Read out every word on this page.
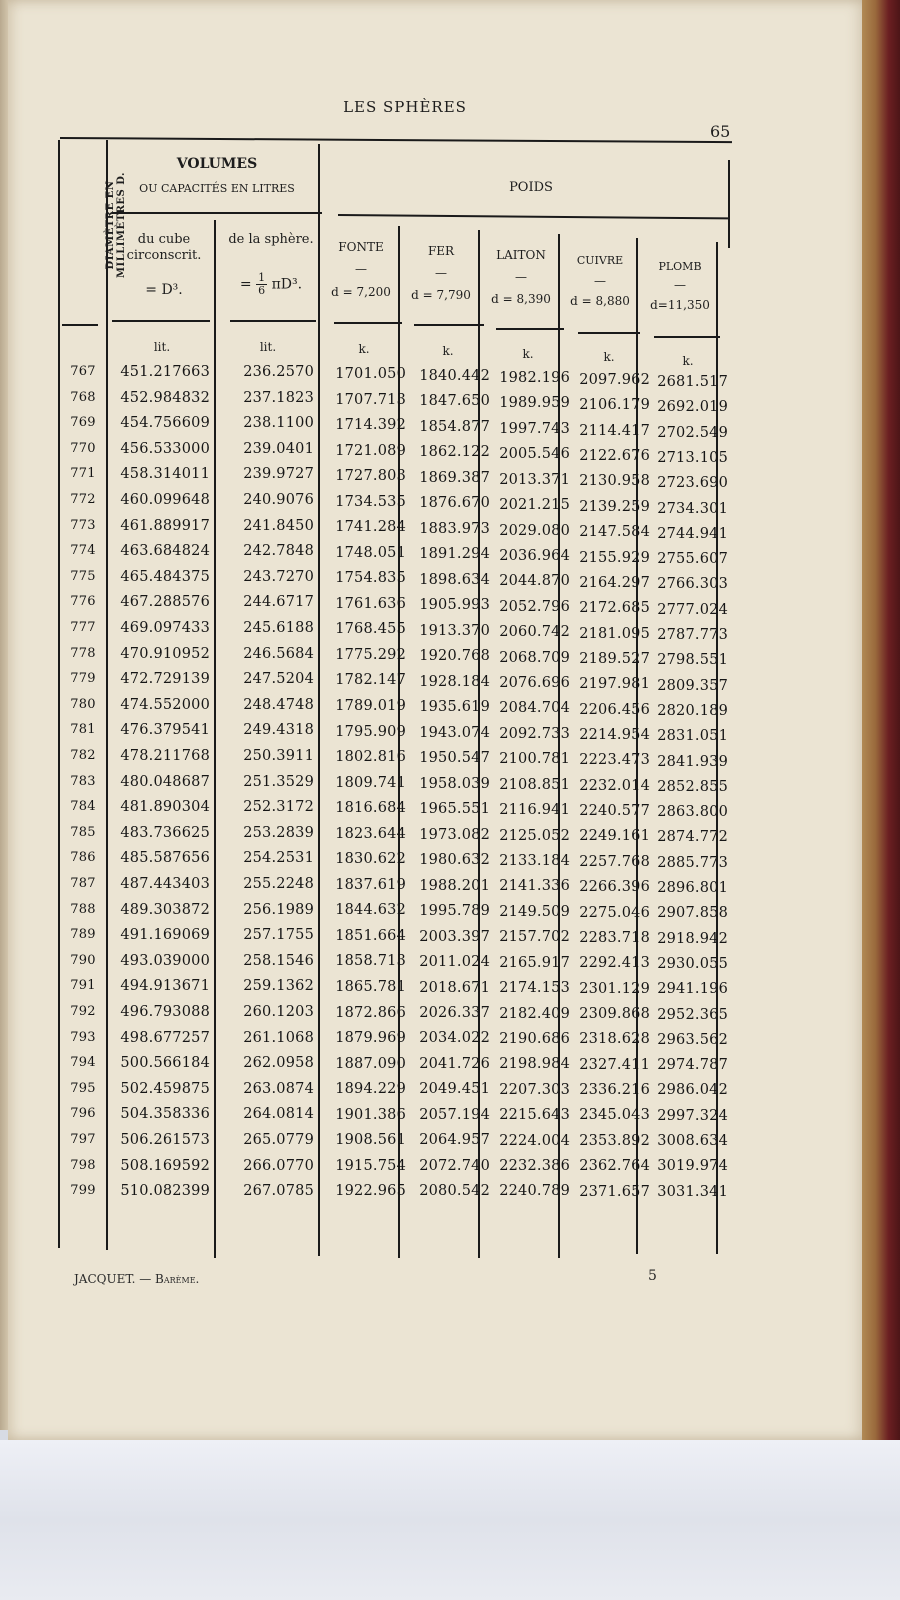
LES SPHÈRES
65
DIAMÈTRE EN MILLIMÈTRES D.
VOLUMES
OU CAPACITÉS EN LITRES
du cube circonscrit.
= D³.
de la sphère.
= $\frac{1}{6} \pi D^3$.
POIDS
FONTE
—
d = 7,200
FER
—
d = 7,790
LAITON
—
d = 8,390
CUIVRE
—
d = 8,880
PLOMB
—
d=11,350
lit.	lit.	k.	k.	k.	k.	k.
767	451.217663	236.2570	1701.050 1840.442 1982.196 2097.962 2681.517
768	452.984832	237.1823	1707.713 1847.650 1989.959 2106.179 2692.019
769	454.756609	238.1100	1714.392 1854.877 1997.743 2114.417 2702.549
770	456.533000	239.0401	1721.089 1862.122 2005.546 2122.676 2713.105
771	458.314011	239.9727	1727.803 1869.387 2013.371 2130.958 2723.690
772	460.099648	240.9076	1734.535 1876.670 2021.215 2139.259 2734.301
773	461.889917	241.8450	1741.284 1883.973 2029.080 2147.584 2744.941
774	463.684824	242.7848	1748.051 1891.294 2036.964 2155.929 2755.607
775	465.484375	243.7270	1754.835 1898.634 2044.870 2164.297 2766.303
776	467.288576	244.6717	1761.636 1905.993 2052.796 2172.685 2777.024
777	469.097433	245.6188	1768.455 1913.370 2060.742 2181.095 2787.773
778	470.910952	246.5684	1775.292 1920.768 2068.709 2189.527 2798.551
779	472.729139	247.5204	1782.147 1928.184 2076.696 2197.981 2809.357
780	474.552000	248.4748	1789.019 1935.619 2084.704 2206.456 2820.189
781	476.379541	249.4318	1795.909 1943.074 2092.733 2214.954 2831.051
782	478.211768	250.3911	1802.816 1950.547 2100.781 2223.473 2841.939
783	480.048687	251.3529	1809.741 1958.039 2108.851 2232.014 2852.855
784	481.890304	252.3172	1816.684 1965.551 2116.941 2240.577 2863.800
785	483.736625	253.2839	1823.644 1973.082 2125.052 2249.161 2874.772
786	485.587656	254.2531	1830.622 1980.632 2133.184 2257.768 2885.773
787	487.443403	255.2248	1837.619 1988.201 2141.336 2266.396 2896.801
788	489.303872	256.1989	1844.632 1995.789 2149.509 2275.046 2907.858
789	491.169069	257.1755	1851.664 2003.397 2157.702 2283.718 2918.942
790	493.039000	258.1546	1858.713 2011.024 2165.917 2292.413 2930.055
791	494.913671	259.1362	1865.781 2018.671 2174.153 2301.129 2941.196
792	496.793088	260.1203	1872.866 2026.337 2182.409 2309.868 2952.365
793	498.677257	261.1068	1879.969 2034.022 2190.686 2318.628 2963.562
794	500.566184	262.0958	1887.090 2041.726 2198.984 2327.411 2974.787
795	502.459875	263.0874	1894.229 2049.451 2207.303 2336.216 2986.042
796	504.358336	264.0814	1901.386 2057.194 2215.643 2345.043 2997.324
797	506.261573	265.0779	1908.561 2064.957 2224.004 2353.892 3008.634
798	508.169592	266.0770	1915.754 2072.740 2232.386 2362.764 3019.974
799	510.082399	267.0785	1922.965 2080.542 2240.789 2371.657 3031.341
JACQUET. — Barème.	5
